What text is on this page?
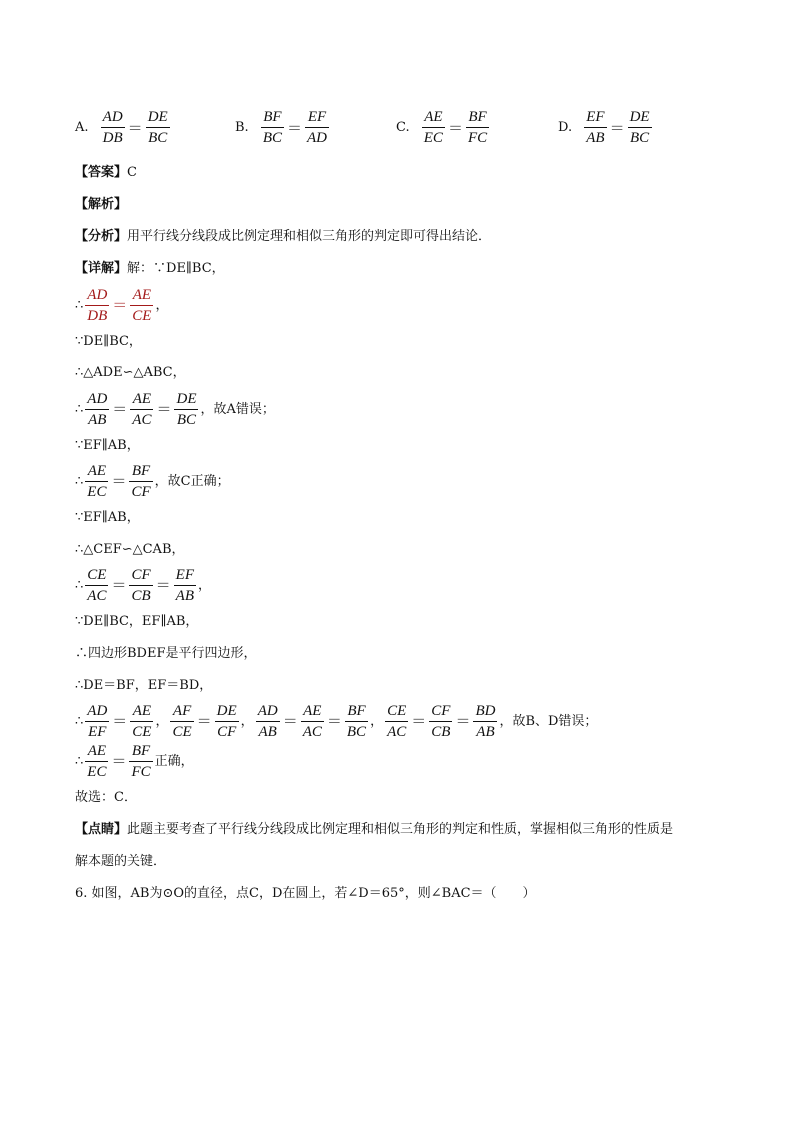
A. $\frac{AD}{DB} = \frac{DE}{BC}$	B. $\frac{BF}{BC} = \frac{EF}{AD}$	C. $\frac{AE}{EC} = \frac{BF}{FC}$	D. $\frac{EF}{AB} = \frac{DE}{BC}$
【答案】C
【解析】
【分析】用平行线分线段成比例定理和相似三角形的判定即可得出结论．
【详解】解：∵DE∥BC，
∴ $\frac{AD}{DB} = \frac{AE}{CE}$ ，
∵DE∥BC，
∴△ADE∽△ABC，
∴ $\frac{AD}{AB} = \frac{AE}{AC} = \frac{DE}{BC}$ ，故A错误；
∵EF∥AB，
∴ $\frac{AE}{EC} = \frac{BF}{CF}$ ，故C正确；
∵EF∥AB，
∴△CEF∽△CAB，
∴ $\frac{CE}{AC} = \frac{CF}{CB} = \frac{EF}{AB}$ ，
∵DE∥BC，EF∥AB，
∴四边形BDEF是平行四边形，
∴DE＝BF，EF＝BD，
∴ $\frac{AD}{EF} = \frac{AE}{CE}$ ， $\frac{AF}{CE} = \frac{DE}{CF}$ ， $\frac{AD}{AB} = \frac{AE}{AC} = \frac{BF}{BC}$ ， $\frac{CE}{AC} = \frac{CF}{CB} = \frac{BD}{AB}$ ，故B、D错误；
∴ $\frac{AE}{EC} = \frac{BF}{FC}$ 正确，
故选：C．
【点睛】此题主要考查了平行线分线段成比例定理和相似三角形的判定和性质，掌握相似三角形的性质是
解本题的关键．
6. 如图，AB为⊙O的直径，点C，D在圆上，若∠D＝65°，则∠BAC＝（　　）
